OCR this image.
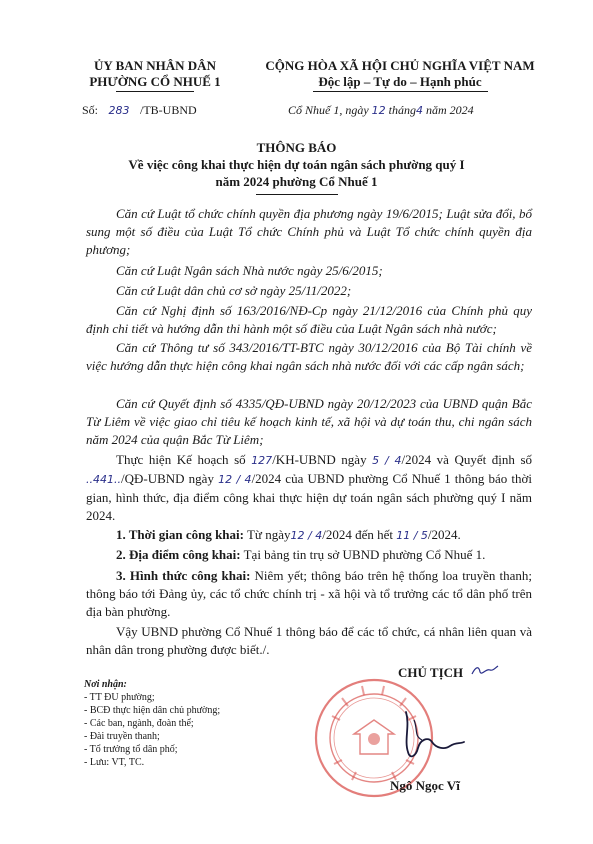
ỦY BAN NHÂN DÂN
PHƯỜNG CỔ NHUẾ 1
Số: 283 /TB-UBND
CỘNG HÒA XÃ HỘI CHỦ NGHĨA VIỆT NAM
Độc lập – Tự do – Hạnh phúc
Cổ Nhuế 1, ngày 12 tháng4 năm 2024
THÔNG BÁO
Về việc công khai thực hiện dự toán ngân sách phường quý I
năm 2024 phường Cổ Nhuế 1
Căn cứ Luật tổ chức chính quyền địa phương ngày 19/6/2015; Luật sửa đổi, bổ sung một số điều của Luật Tổ chức Chính phủ và Luật Tổ chức chính quyền địa phương;
Căn cứ Luật Ngân sách Nhà nước ngày 25/6/2015;
Căn cứ Luật dân chủ cơ sở ngày 25/11/2022;
Căn cứ Nghị định số 163/2016/NĐ-Cp ngày 21/12/2016 của Chính phủ quy định chi tiết và hướng dẫn thi hành một số điều của Luật Ngân sách nhà nước;
Căn cứ Thông tư số 343/2016/TT-BTC ngày 30/12/2016 của Bộ Tài chính về việc hướng dẫn thực hiện công khai ngân sách nhà nước đối với các cấp ngân sách;
Căn cứ Quyết định số 4335/QĐ-UBND ngày 20/12/2023 của UBND quận Bắc Từ Liêm về việc giao chỉ tiêu kế hoạch kinh tế, xã hội và dự toán thu, chi ngân sách năm 2024 của quận Bắc Từ Liêm;
Thực hiện Kế hoạch số 127/KH-UBND ngày 5 / 4/2024 và Quyết định số ..441../QĐ-UBND ngày 12 / 4/2024 của UBND phường Cổ Nhuế 1 thông báo thời gian, hình thức, địa điểm công khai thực hiện dự toán ngân sách phường quý I năm 2024.
1. Thời gian công khai: Từ ngày12 / 4/2024 đến hết 11 / 5/2024.
2. Địa điểm công khai: Tại bảng tin trụ sở UBND phường Cổ Nhuế 1.
3. Hình thức công khai: Niêm yết; thông báo trên hệ thống loa truyền thanh; thông báo tới Đảng ủy, các tổ chức chính trị - xã hội và tổ trưởng các tổ dân phố trên địa bàn phường.
Vậy UBND phường Cổ Nhuế 1 thông báo để các tổ chức, cá nhân liên quan và nhân dân trong phường được biết./.
Nơi nhận:
- TT ĐU phường;
- BCĐ thực hiện dân chủ phường;
- Các ban, ngành, đoàn thể;
- Đài truyền thanh;
- Tổ trưởng tổ dân phố;
- Lưu: VT, TC.
CHỦ TỊCH
Ngô Ngọc Vĩ
